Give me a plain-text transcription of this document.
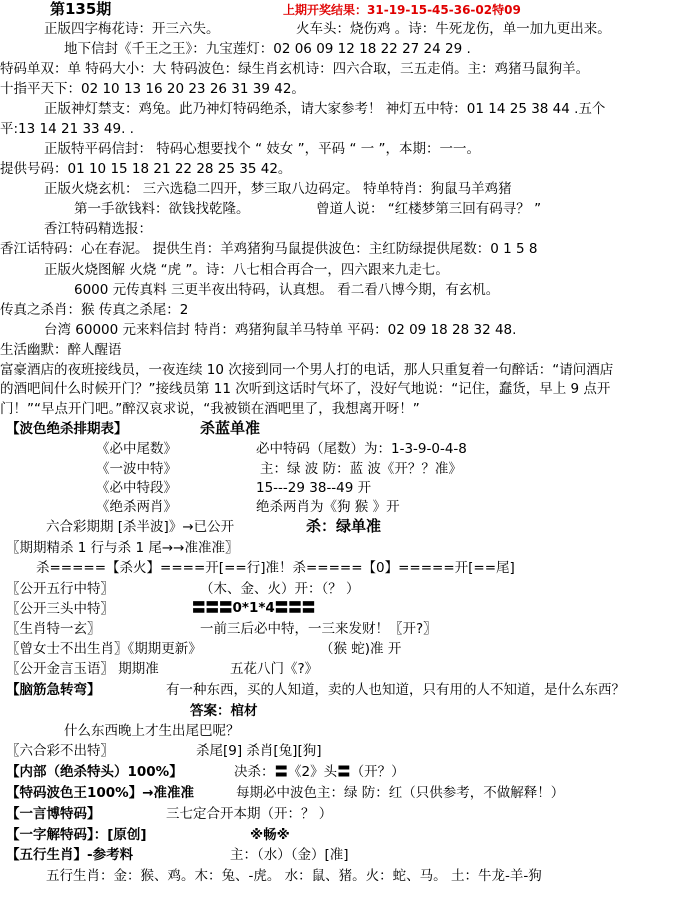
第135期	上期开奖结果：31-19-15-45-36-02特09
正版四字梅花诗：开三六失。	火车头：烧伤鸡 。诗：牛死龙伤，单一加九更出来。
地下信封《千王之王》：九宝莲灯：02 06 09 12 18 22 27 24 29 .
特码单双：单 特码大小：大 特码波色：绿生肖玄机诗：四六合取，三五走俏。主：鸡猪马鼠狗羊。
十指平天下：02 10 13 16 20 23 26 31 39 42。
正版神灯禁支：鸡兔。此乃神灯特码绝杀，请大家参考！ 神灯五中特：01 14 25 38 44 .五个
平:13 14 21 33 49. .
正版特平码信封： 特码心想要找个 “ 妓女 ”，平码 “ 一 ”，本期：一一。
提供号码：01 10 15 18 21 22 28 25 35 42。
正版火烧玄机： 三六选稳二四开，梦三取八边码定。 特单特肖：狗鼠马羊鸡猪
第一手欲钱料：欲钱找乾隆。	曾道人说： “红楼梦第三回有码寻？ ”
香江特码精选报：
香江话特码：心在春泥。 提供生肖：羊鸡猪狗马鼠提供波色：主红防绿提供尾数：0 1 5 8
正版火烧图解 火烧 “虎 ”。诗：八七相合再合一，四六跟来九走七。
6000 元传真料 三更半夜出特码，认真想。 看二看八博今期，有玄机。
传真之杀肖：猴 传真之杀尾：2
台湾 60000 元来料信封 特肖：鸡猪狗鼠羊马特单 平码：02 09 18 28 32 48.
生活幽默：醉人醒语
富豪酒店的夜班接线员，一夜连续 10 次接到同一个男人打的电话，那人只重复着一句醉话：“请问酒店
的酒吧间什么时候开门？”接线员第 11 次听到这话时气坏了，没好气地说：“记住，蠢货，早上 9 点开
门！”“早点开门吧。”醉汉哀求说，“我被锁在酒吧里了，我想离开呀！”
【波色绝杀排期表】	杀蓝单准
《必中尾数》	必中特码（尾数）为：1-3-9-0-4-8
《一波中特》	主：绿 波 防：蓝 波《开？？准》
《必中特段》	15---29 38--49 开
《绝杀两肖》	绝杀两肖为《狗 猴 》开
六合彩期期 [杀半波]》→已公开	杀：绿单准
〖期期精杀 1 行与杀 1 尾→→准准准〗
杀=====【杀火】====开[==行]准！杀=====【0】=====开[==尾]
〖公开五行中特〗	（木、金、火）开：（？ ）
〖公开三头中特〗	〓〓〓0*1*4〓〓〓
〖生肖特一玄〗	一前三后必中特，一三来发财！〖开?〗
〖曾女士不出生肖〗《期期更新》	（猴 蛇)准 开
〖公开金言玉语〗 期期准	五花八门《?》
【脑筋急转弯】	有一种东西，买的人知道，卖的人也知道，只有用的人不知道，是什么东西？
答案：棺材
什么东西晚上才生出尾巴呢？
〖六合彩不出特〗	杀尾[9] 杀肖[兔][狗]
【内部（绝杀特头）100%】	决杀：〓《2》头〓（开？）
【特码波色王100%】→准准准	每期必中波色主：绿 防：红（只供参考，不做解释！）
【一言博特码】	三七定合开本期（开：？ ）
【一字解特码】：[原创]	※畅※
【五行生肖】-参考料	主：（水）（金）[准]
五行生肖：金：猴、鸡。木：兔、-虎。 水：鼠、猪。火：蛇、马。 土：牛龙-羊-狗
